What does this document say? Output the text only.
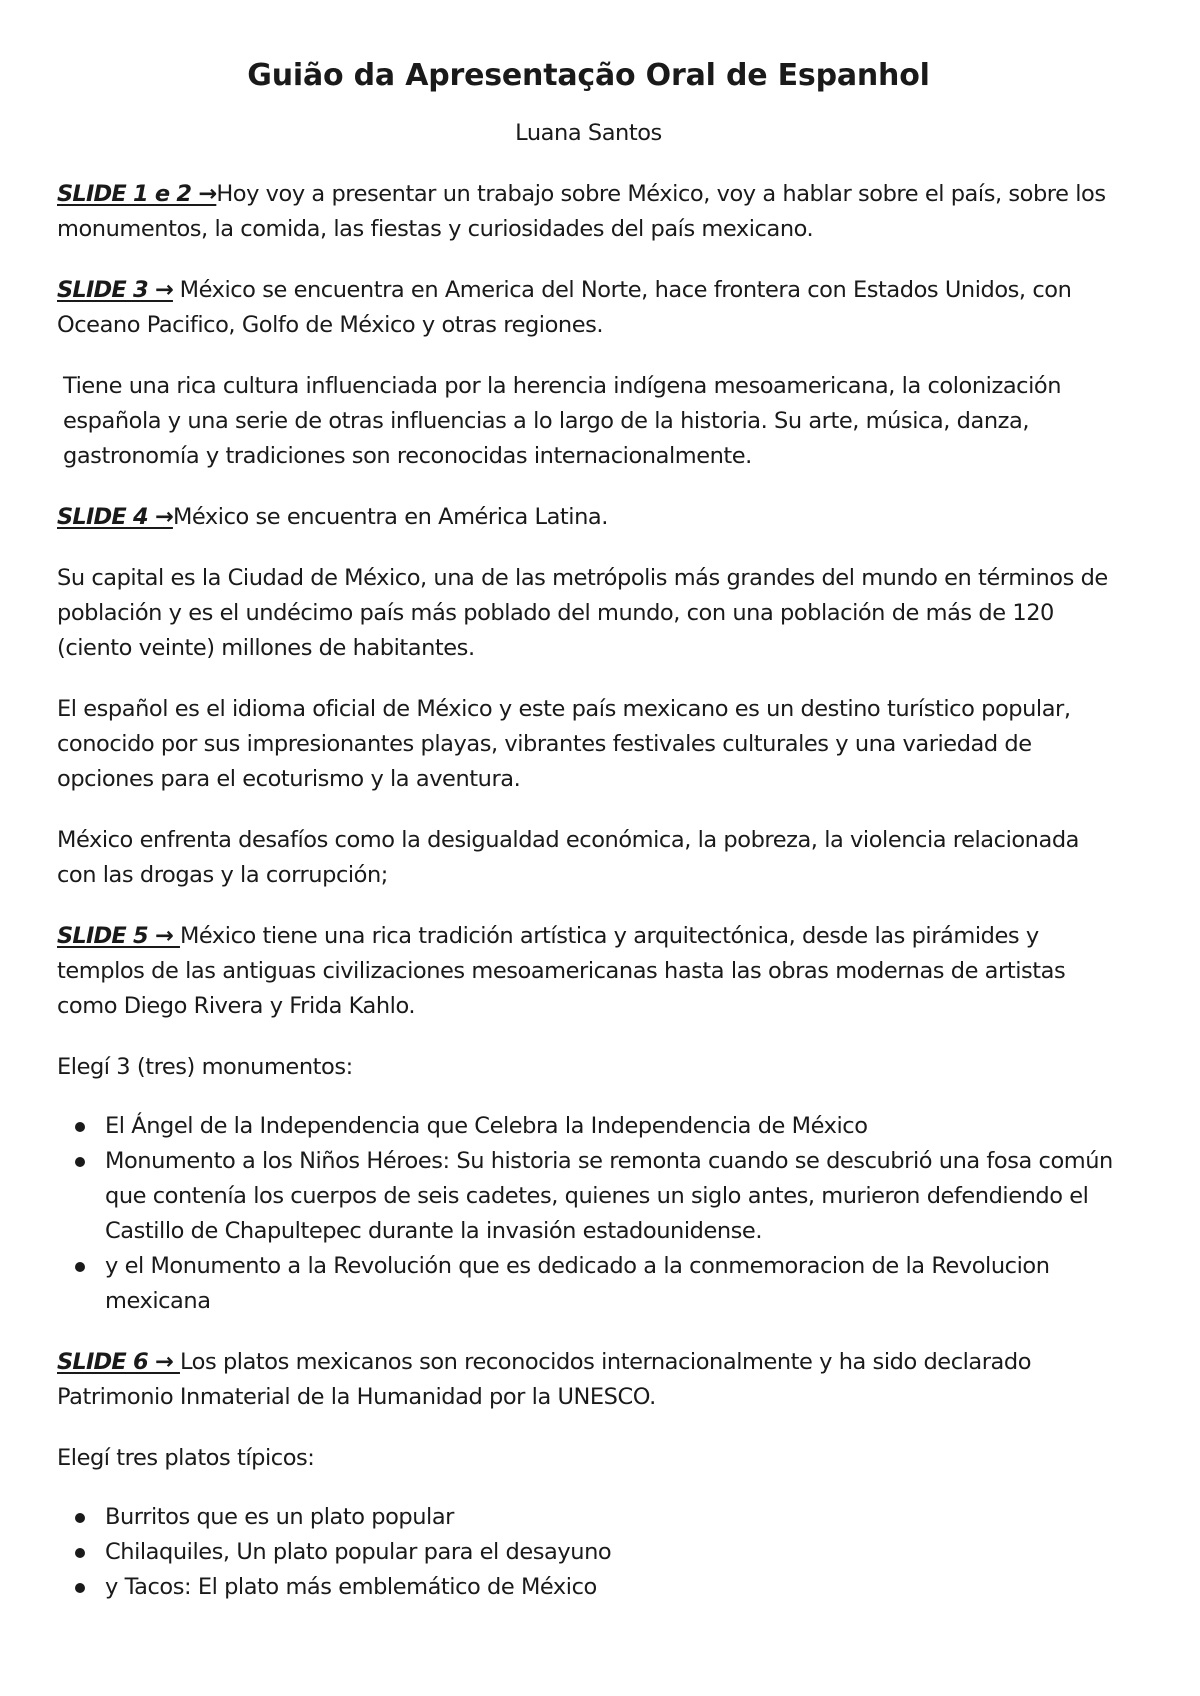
Guião da Apresentação Oral de Espanhol

Luana Santos

SLIDE 1 e 2 →Hoy voy a presentar un trabajo sobre México, voy a hablar sobre el país, sobre los monumentos, la comida, las fiestas y curiosidades del país mexicano.

SLIDE 3 → México se encuentra en America del Norte, hace frontera con Estados Unidos, con Oceano Pacifico, Golfo de México y otras regiones.

Tiene una rica cultura influenciada por la herencia indígena mesoamericana, la colonización española y una serie de otras influencias a lo largo de la historia. Su arte, música, danza, gastronomía y tradiciones son reconocidas internacionalmente.

SLIDE 4 →México se encuentra en América Latina.

Su capital es la Ciudad de México, una de las metrópolis más grandes del mundo en términos de población y es el undécimo país más poblado del mundo, con una población de más de 120 (ciento veinte) millones de habitantes.

El español es el idioma oficial de México y este país mexicano es un destino turístico popular, conocido por sus impresionantes playas, vibrantes festivales culturales y una variedad de opciones para el ecoturismo y la aventura.

México enfrenta desafíos como la desigualdad económica, la pobreza, la violencia relacionada con las drogas y la corrupción;

SLIDE 5 → México tiene una rica tradición artística y arquitectónica, desde las pirámides y templos de las antiguas civilizaciones mesoamericanas hasta las obras modernas de artistas como Diego Rivera y Frida Kahlo.

Elegí 3 (tres) monumentos:

El Ángel de la Independencia que Celebra la Independencia de México
Monumento a los Niños Héroes: Su historia se remonta cuando se descubrió una fosa común que contenía los cuerpos de seis cadetes, quienes un siglo antes, murieron defendiendo el Castillo de Chapultepec durante la invasión estadounidense.
y el Monumento a la Revolución que es dedicado a la conmemoracion de la Revolucion mexicana

SLIDE 6 → Los platos mexicanos son reconocidos internacionalmente y ha sido declarado Patrimonio Inmaterial de la Humanidad por la UNESCO.

Elegí tres platos típicos:

Burritos que es un plato popular
Chilaquiles, Un plato popular para el desayuno
y Tacos: El plato más emblemático de México
